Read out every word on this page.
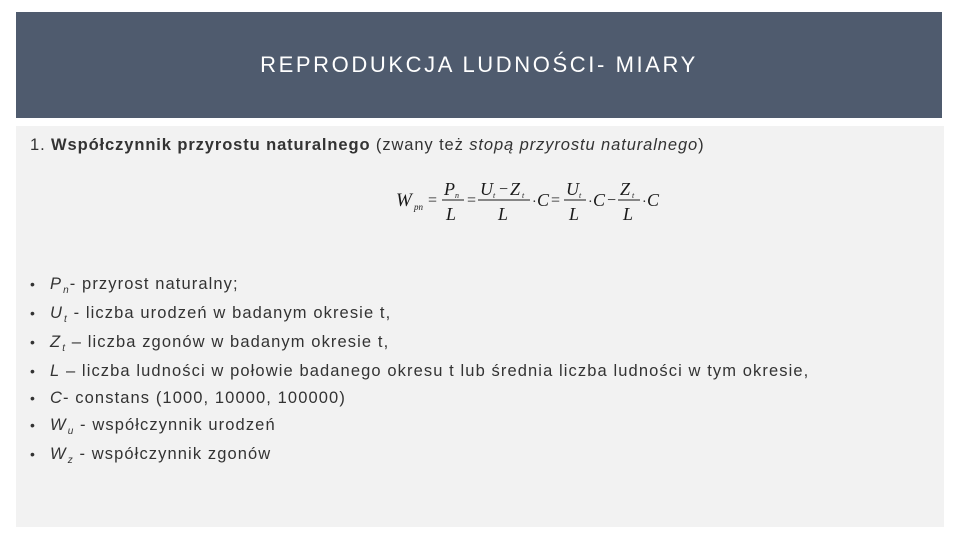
REPRODUKCJA LUDNOŚCI- MIARY
1. Współczynnik przyrostu naturalnego (zwany też stopą przyrostu naturalnego)
W pn =
P n
L
=
U t − Z t
L
· C =
U t
L
· C −
Z t
L
· C
• $P_n-$ przyrost naturalny;
• $U_t$ - liczba urodzeń w badanym okresie t,
• $Z_t$ – liczba zgonów w badanym okresie t,
• L – liczba ludności w połowie badanego okresu t lub średnia liczba ludności w tym okresie,
• C- constans (1000, 10000, 100000)
• $W_u$ - współczynnik urodzeń
• $W_z$ - współczynnik zgonów
